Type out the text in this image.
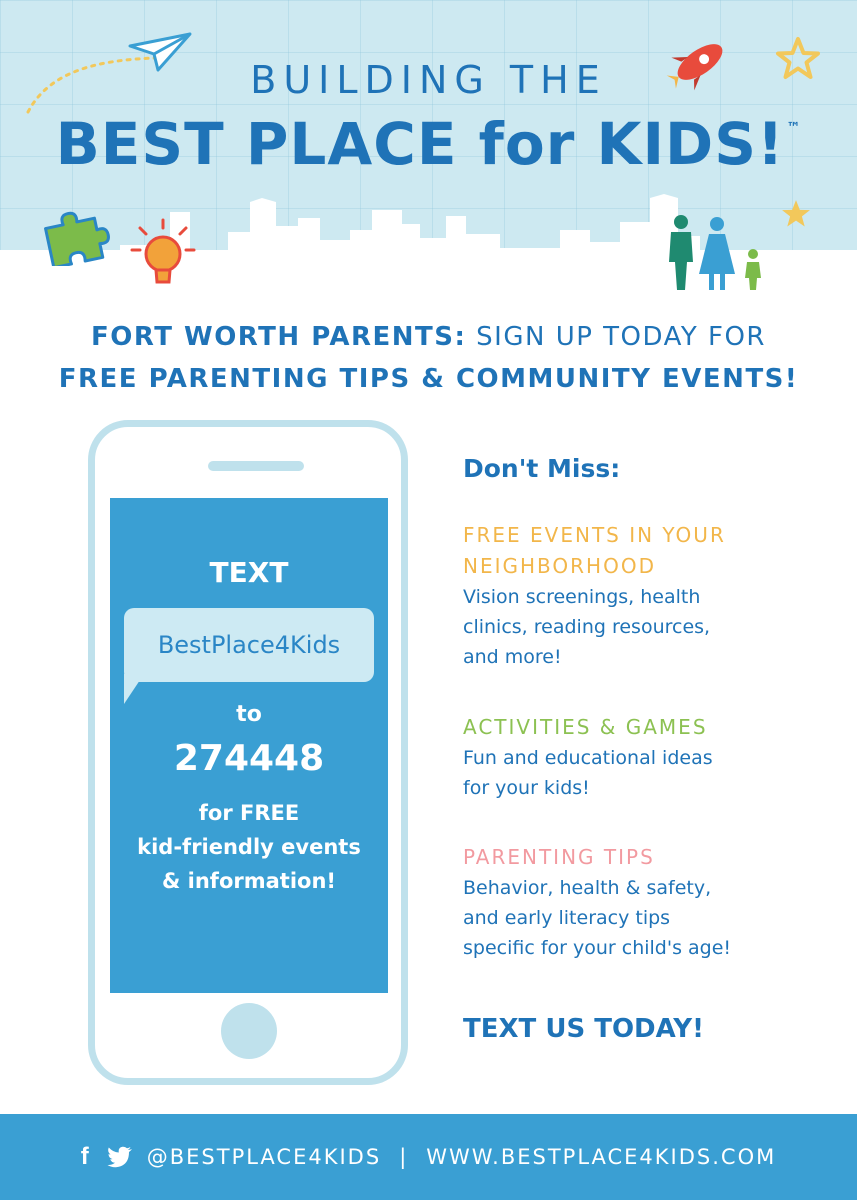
BUILDING THE
BEST PLACE for KIDS! ™
FORT WORTH PARENTS: SIGN UP TODAY FOR
FREE PARENTING TIPS & COMMUNITY EVENTS!
TEXT
BestPlace4Kids
to
274448
for FREE
kid-friendly events
& information!
Don't Miss:
FREE EVENTS IN YOUR
NEIGHBORHOOD
Vision screenings, health
clinics, reading resources,
and more!
ACTIVITIES & GAMES
Fun and educational ideas
for your kids!
PARENTING TIPS
Behavior, health & safety,
and early literacy tips
specific for your child's age!
TEXT US TODAY!
f	@BESTPLACE4KIDS | WWW.BESTPLACE4KIDS.COM
